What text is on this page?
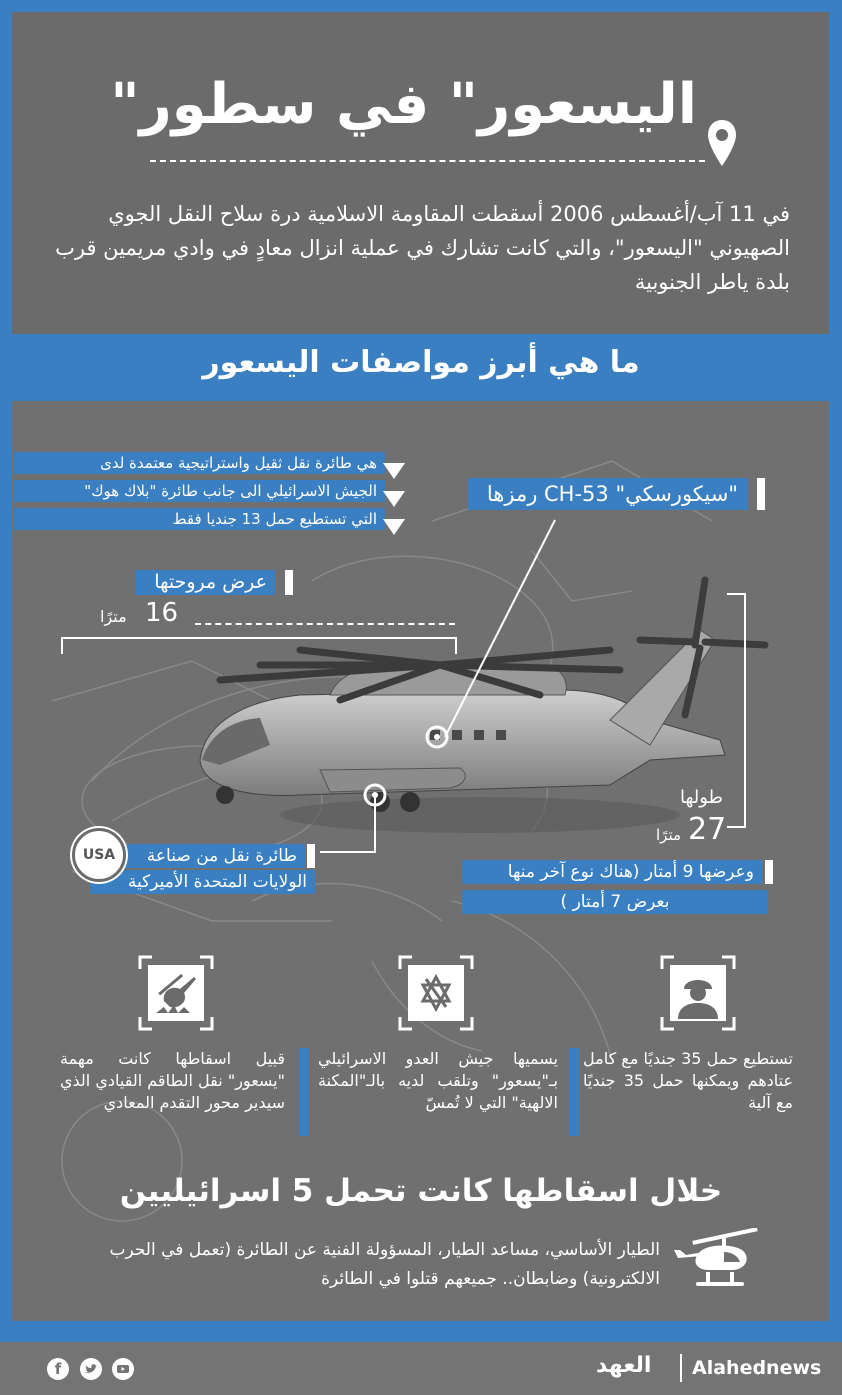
"اليسعور" في سطور
في 11 آب/أغسطس 2006 أسقطت المقاومة الاسلامية درة سلاح النقل الجوي الصهيوني "اليسعور"، والتي كانت تشارك في عملية انزال معادٍ في وادي مريمين قرب بلدة ياطر الجنوبية
ما هي أبرز مواصفات اليسعور
هي طائرة نقل ثقيل واستراتيجية معتمدة لدى
الجيش الاسرائيلي الى جانب طائرة "بلاك هوك"
التي تستطيع حمل 13 جنديا فقط
"سيكورسكي" CH-53 رمزها
عرض مروحتها
16
مترًا
طولها
27
مترًا
وعرضها 9 أمتار (هناك نوع آخر منها
بعرض 7 أمتار )
طائرة نقل من صناعة
الولايات المتحدة الأميركية
USA
تستطيع حمل 35 جنديًا مع كامل عتادهم ويمكنها حمل 35 جنديًا مع آلية
يسميها جيش العدو الاسرائيلي بـ"يسعور" وتلقب لديه بالـ"المكنة الالهية" التي لا تُمسّ
قبيل اسقاطها كانت مهمة "يسعور" نقل الطاقم القيادي الذي سيدير محور التقدم المعادي
خلال اسقاطها كانت تحمل 5 اسرائيليين
الطيار الأساسي، مساعد الطيار، المسؤولة الفنية عن الطائرة (تعمل في الحرب الالكترونية) وضابطان.. جميعهم قتلوا في الطائرة
f	Alahednews
العهد
